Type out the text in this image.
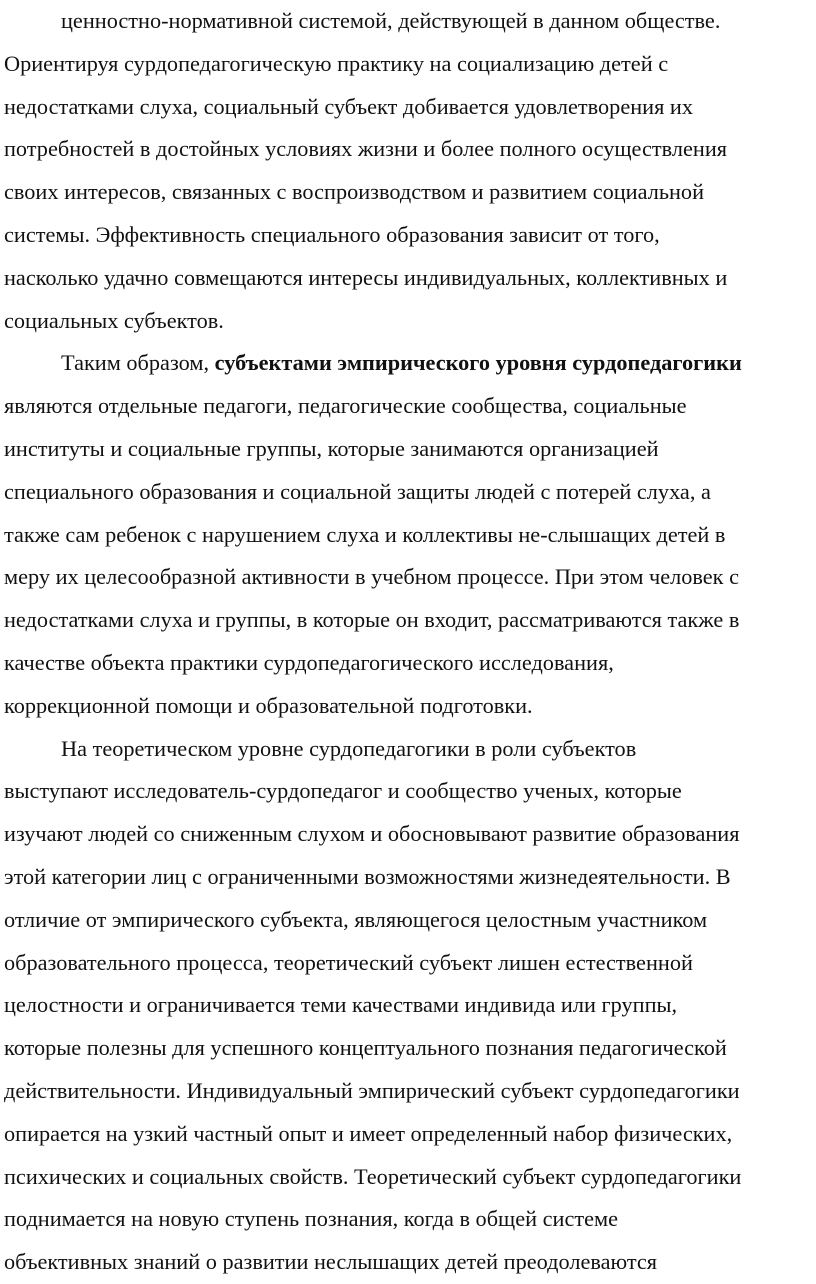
ценностно-нормативной системой, действующей в данном обществе.
Ориентируя сурдопедагогическую практику на социализацию детей с
недостатками слуха, социальный субъект добивается удовлетворения их
потребностей в достойных условиях жизни и более полного осуществления
своих интересов, связанных с воспроизводством и развитием социальной
системы. Эффективность специального образования зависит от того,
насколько удачно совмещаются интересы индивидуальных, коллективных и
социальных субъектов.
Таким образом, субъектами эмпирического уровня сурдопедагогики
являются отдельные педагоги, педагогические сообщества, социальные
институты и социальные группы, которые занимаются организацией
специального образования и социальной защиты людей с потерей слуха, а
также сам ребенок с нарушением слуха и коллективы не-слышащих детей в
меру их целесообразной активности в учебном процессе. При этом человек с
недостатками слуха и группы, в которые он входит, рассматриваются также в
качестве объекта практики сурдопедагогического исследования,
коррекционной помощи и образовательной подготовки.
На теоретическом уровне сурдопедагогики в роли субъектов
выступают исследователь-сурдопедагог и сообщество ученых, которые
изучают людей со сниженным слухом и обосновывают развитие образования
этой категории лиц с ограниченными возможностями жизнедеятельности. В
отличие от эмпирического субъекта, являющегося целостным участником
образовательного процесса, теоретический субъект лишен естественной
целостности и ограничивается теми качествами индивида или группы,
которые полезны для успешного концептуального познания педагогической
действительности. Индивидуальный эмпирический субъект сурдопедагогики
опирается на узкий частный опыт и имеет определенный набор физических,
психических и социальных свойств. Теоретический субъект сурдопедагогики
поднимается на новую ступень познания, когда в общей системе
объективных знаний о развитии неслышащих детей преодолеваются
